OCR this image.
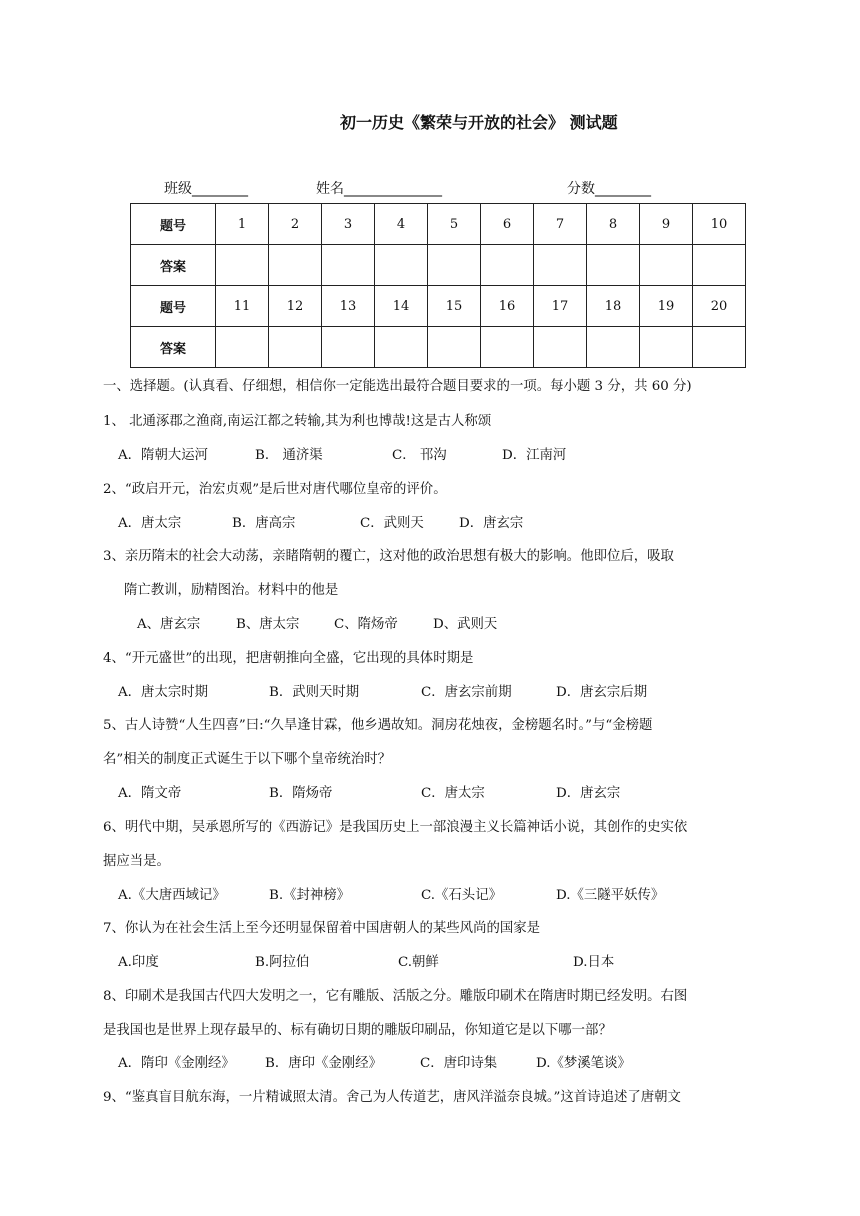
初一历史《繁荣与开放的社会》 测试题
班级________	姓名______________	分数________
题号	1	2	3	4	5	6	7	8	9	10
答案										
题号	11	12	13	14	15	16	17	18	19	20
答案										
一、选择题。(认真看、仔细想，相信你一定能选出最符合题目要求的一项。每小题 3 分，共 60 分)
1、 北通涿郡之渔商,南运江都之转输,其为利也博哉!这是古人称颂
A．隋朝大运河	B． 通济渠	C． 邗沟	D．江南河
2、“政启开元，治宏贞观”是后世对唐代哪位皇帝的评价。
A．唐太宗	B．唐高宗	C．武则天	D．唐玄宗
3、亲历隋末的社会大动荡，亲睹隋朝的覆亡，这对他的政治思想有极大的影响。他即位后，吸取
隋亡教训，励精图治。材料中的他是
A、唐玄宗	B、唐太宗	C、隋炀帝	D、武则天
4、“开元盛世”的出现，把唐朝推向全盛，它出现的具体时期是
A．唐太宗时期	B．武则天时期	C．唐玄宗前期	D．唐玄宗后期
5、古人诗赞“人生四喜”曰:“久旱逢甘霖，他乡遇故知。洞房花烛夜，金榜题名时。”与“金榜题
名”相关的制度正式诞生于以下哪个皇帝统治时？
A．隋文帝	B．隋炀帝	C．唐太宗	D．唐玄宗
6、明代中期，吴承恩所写的《西游记》是我国历史上一部浪漫主义长篇神话小说，其创作的史实依
据应当是。
A.《大唐西域记》	B.《封神榜》	C.《石头记》	D.《三隧平妖传》
7、你认为在社会生活上至今还明显保留着中国唐朝人的某些风尚的国家是
A.印度	B.阿拉伯	C.朝鲜	D.日本
8、印刷术是我国古代四大发明之一，它有雕版、活版之分。雕版印刷术在隋唐时期已经发明。右图
是我国也是世界上现存最早的、标有确切日期的雕版印刷品，你知道它是以下哪一部？
A．隋印《金刚经》 B．唐印《金刚经》	C．唐印诗集	D.《梦溪笔谈》
9、“鉴真盲目航东海，一片精诚照太清。舍己为人传道艺，唐风洋溢奈良城。”这首诗追述了唐朝文
